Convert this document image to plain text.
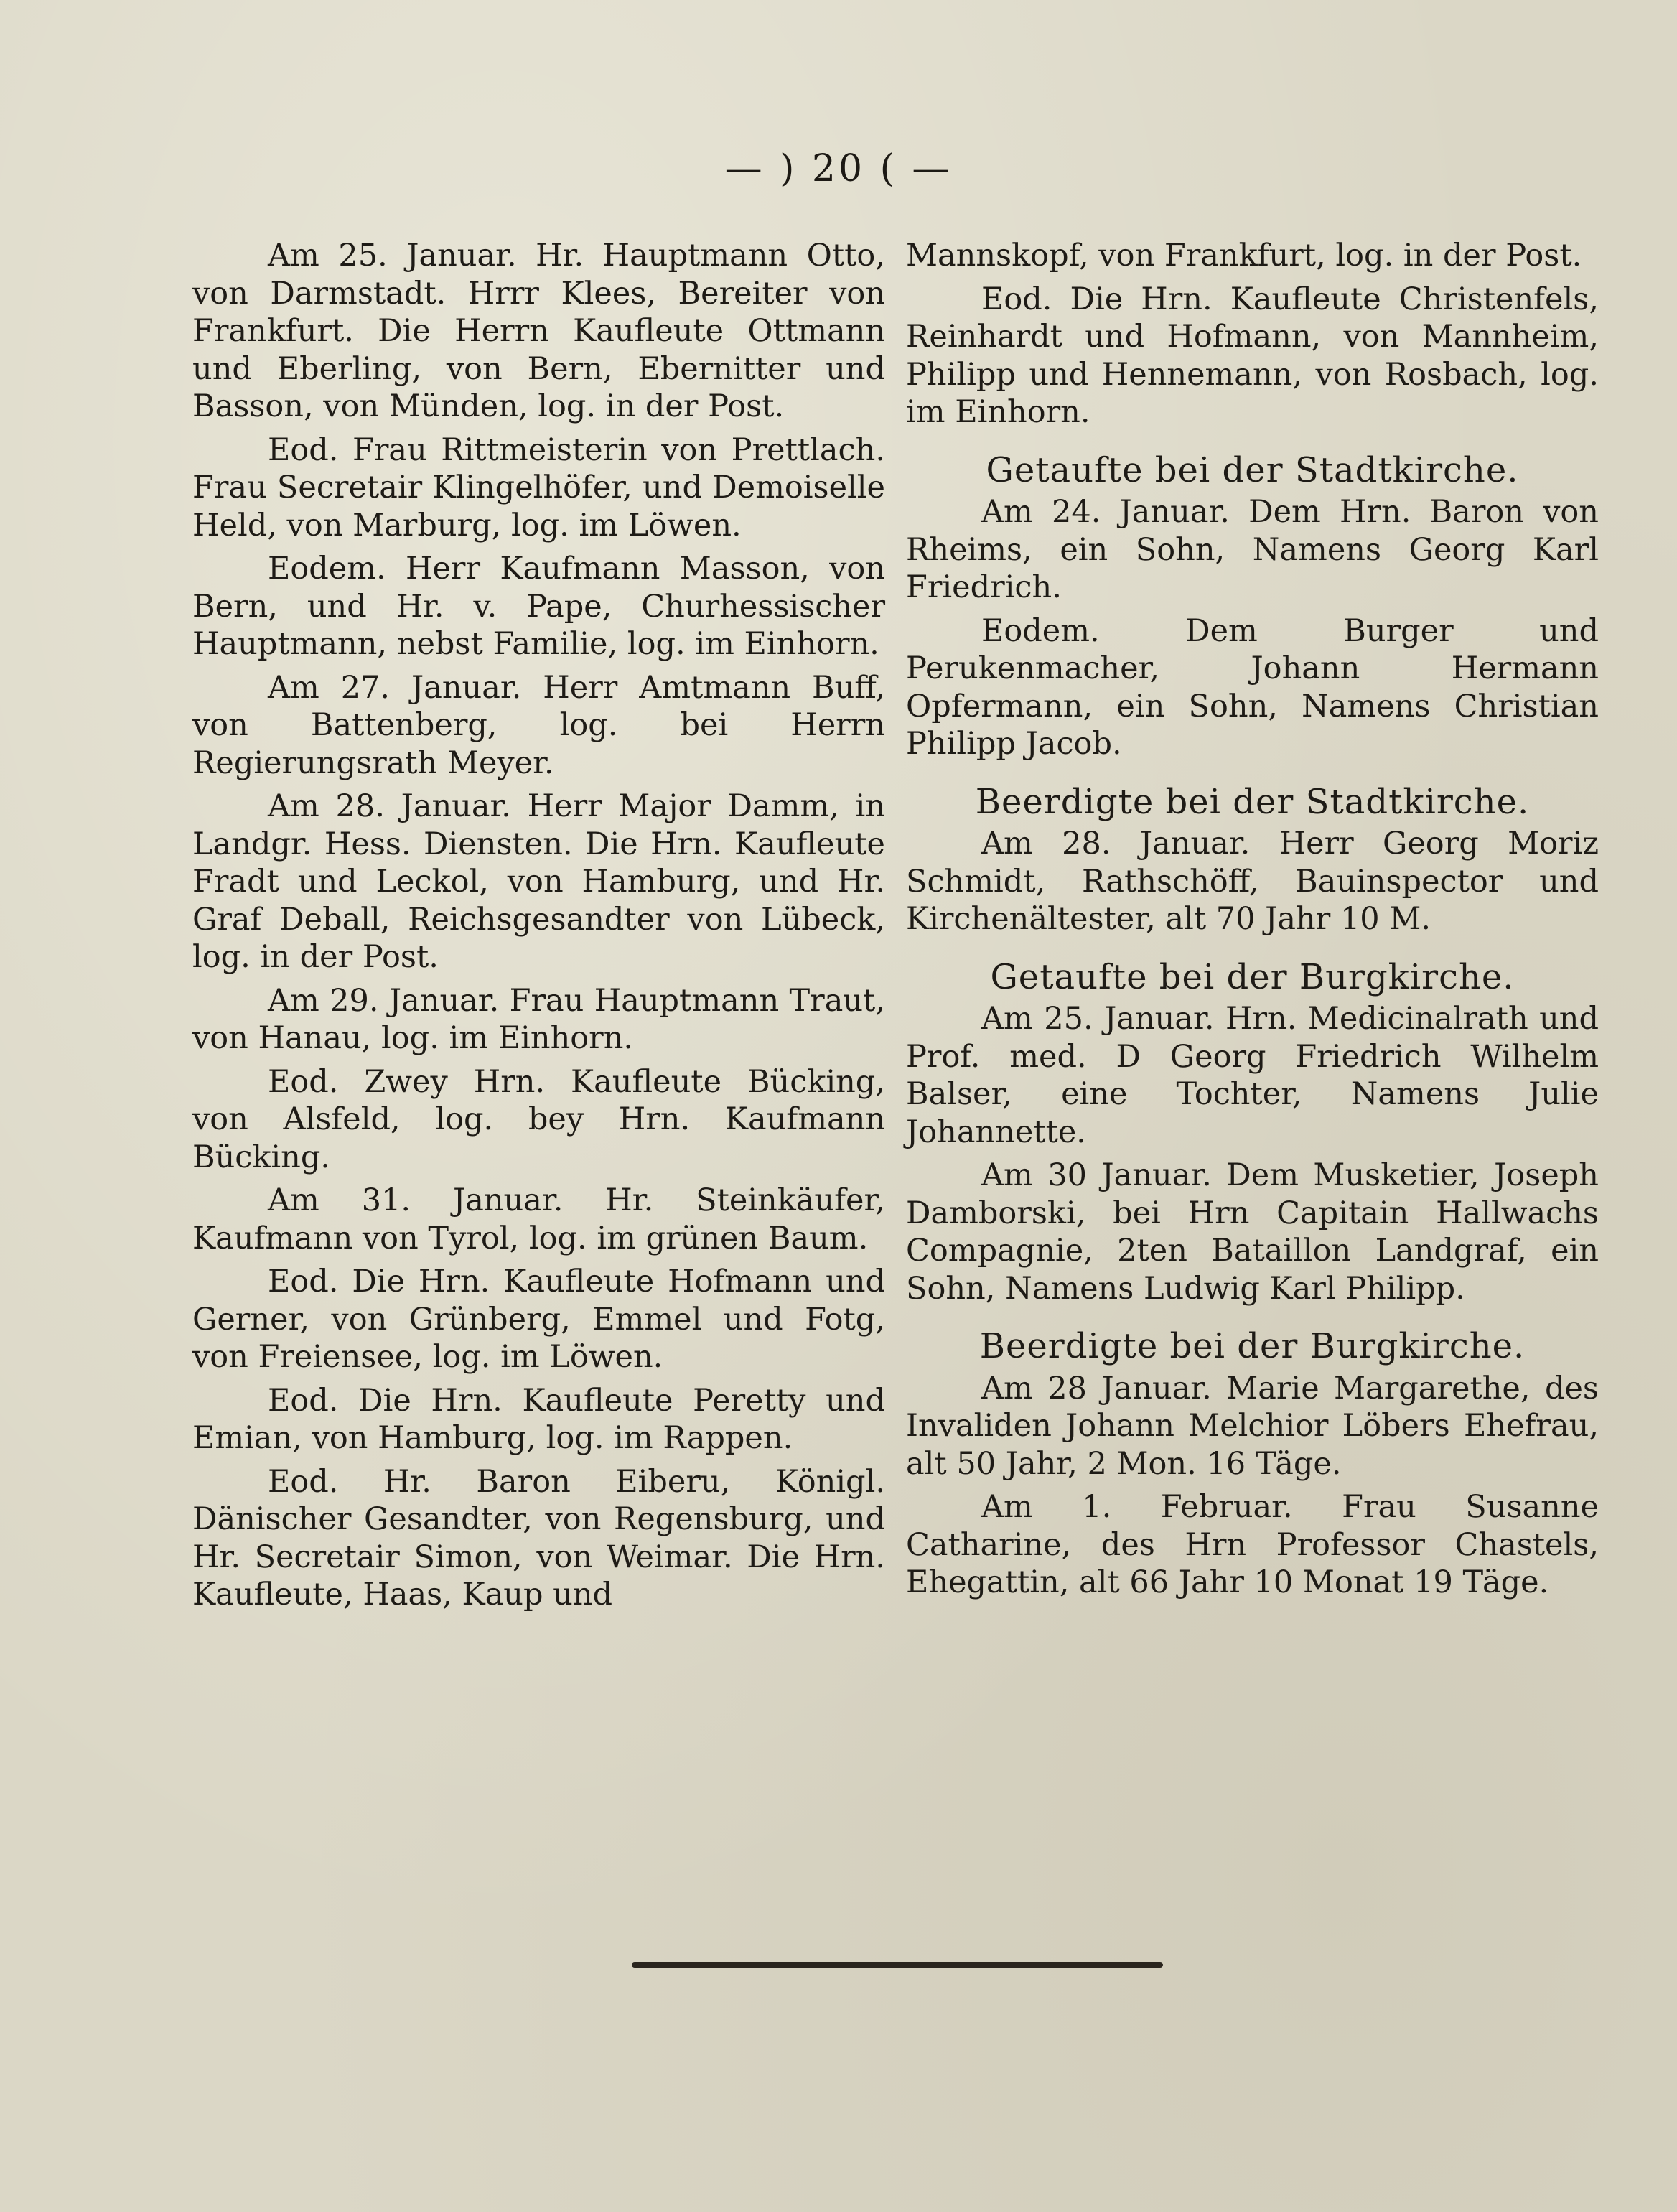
— ) 20 ( —

Am 25. Januar. Hr. Hauptmann Otto, von Darmstadt. Hrrr Klees, Bereiter von Frankfurt. Die Herrn Kaufleute Ottmann und Eberling, von Bern, Ebernitter und Basson, von Münden, log. in der Post.

Eod. Frau Rittmeisterin von Prettlach. Frau Secretair Klingelhöfer, und Demoiselle Held, von Marburg, log. im Löwen.

Eodem. Herr Kaufmann Masson, von Bern, und Hr. v. Pape, Churhessischer Hauptmann, nebst Familie, log. im Einhorn.

Am 27. Januar. Herr Amtmann Buff, von Battenberg, log. bei Herrn Regierungsrath Meyer.

Am 28. Januar. Herr Major Damm, in Landgr. Hess. Diensten. Die Hrn. Kaufleute Fradt und Leckol, von Hamburg, und Hr. Graf Deball, Reichsgesandter von Lübeck, log. in der Post.

Am 29. Januar. Frau Hauptmann Traut, von Hanau, log. im Einhorn.

Eod. Zwey Hrn. Kaufleute Bücking, von Alsfeld, log. bey Hrn. Kaufmann Bücking.

Am 31. Januar. Hr. Steinkäufer, Kaufmann von Tyrol, log. im grünen Baum.

Eod. Die Hrn. Kaufleute Hofmann und Gerner, von Grünberg, Emmel und Fotg, von Freiensee, log. im Löwen.

Eod. Die Hrn. Kaufleute Peretty und Emian, von Hamburg, log. im Rappen.

Eod. Hr. Baron Eiberu, Königl. Dänischer Gesandter, von Regensburg, und Hr. Secretair Simon, von Weimar. Die Hrn. Kaufleute, Haas, Kaup und

Mannskopf, von Frankfurt, log. in der Post.

Eod. Die Hrn. Kaufleute Christenfels, Reinhardt und Hofmann, von Mannheim, Philipp und Hennemann, von Rosbach, log. im Einhorn.

Getaufte bei der Stadtkirche.

Am 24. Januar. Dem Hrn. Baron von Rheims, ein Sohn, Namens Georg Karl Friedrich.

Eodem. Dem Burger und Perukenmacher, Johann Hermann Opfermann, ein Sohn, Namens Christian Philipp Jacob.

Beerdigte bei der Stadtkirche.

Am 28. Januar. Herr Georg Moriz Schmidt, Rathschöff, Bauinspector und Kirchenältester, alt 70 Jahr 10 M.

Getaufte bei der Burgkirche.

Am 25. Januar. Hrn. Medicinalrath und Prof. med. D Georg Friedrich Wilhelm Balser, eine Tochter, Namens Julie Johannette.

Am 30 Januar. Dem Musketier, Joseph Damborski, bei Hrn Capitain Hallwachs Compagnie, 2ten Bataillon Landgraf, ein Sohn, Namens Ludwig Karl Philipp.

Beerdigte bei der Burgkirche.

Am 28 Januar. Marie Margarethe, des Invaliden Johann Melchior Löbers Ehefrau, alt 50 Jahr, 2 Mon. 16 Täge.

Am 1. Februar. Frau Susanne Catharine, des Hrn Professor Chastels, Ehegattin, alt 66 Jahr 10 Monat 19 Täge.
